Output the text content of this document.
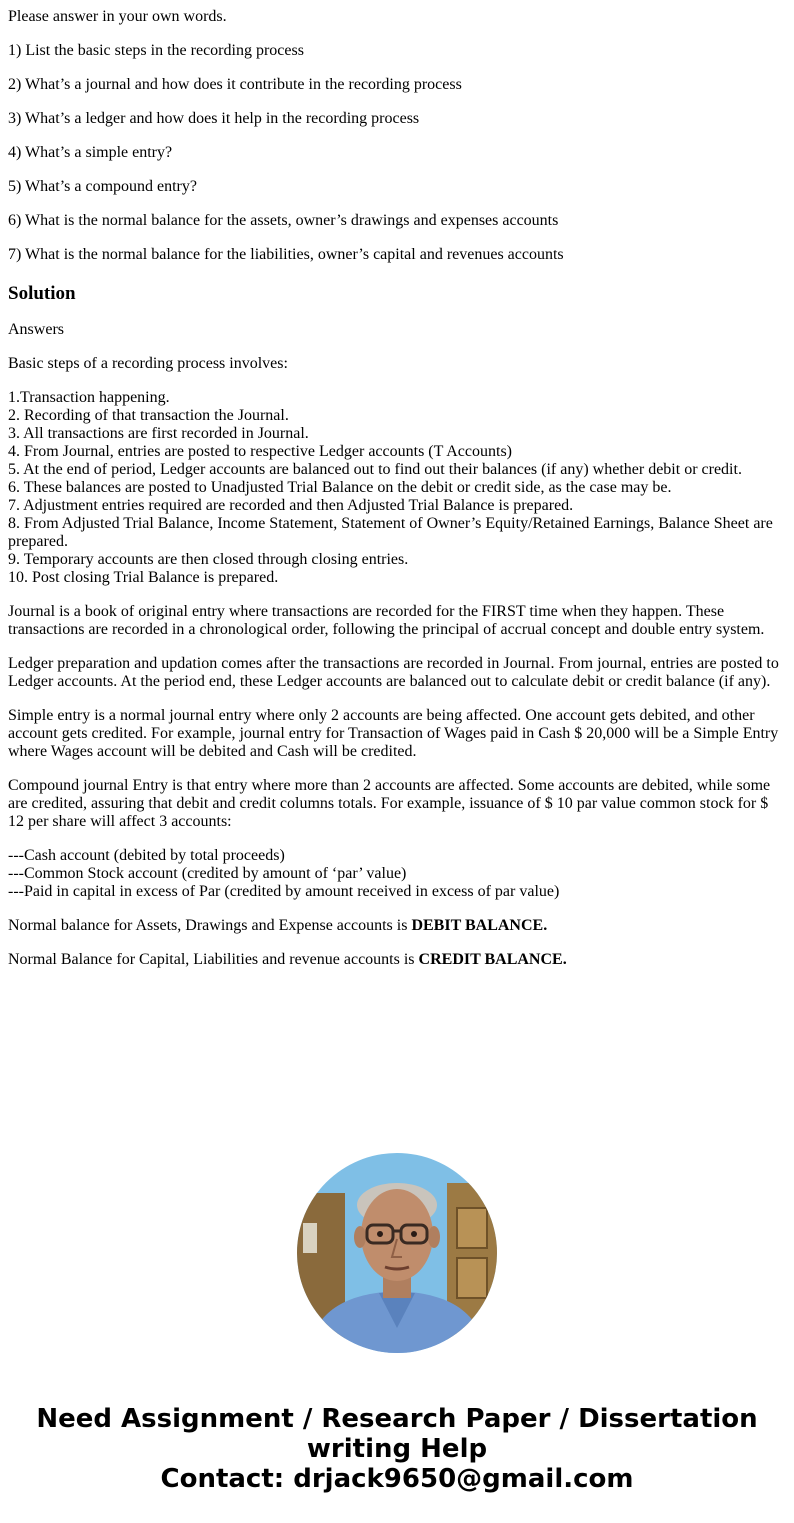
Please answer in your own words.

1) List the basic steps in the recording process

2) What’s a journal and how does it contribute in the recording process

3) What’s a ledger and how does it help in the recording process

4) What’s a simple entry?

5) What’s a compound entry?

6) What is the normal balance for the assets, owner’s drawings and expenses accounts

7) What is the normal balance for the liabilities, owner’s capital and revenues accounts

Solution

Answers

Basic steps of a recording process involves:

1.Transaction happening.
2. Recording of that transaction the Journal.
3. All transactions are first recorded in Journal.
4. From Journal, entries are posted to respective Ledger accounts (T Accounts)
5. At the end of period, Ledger accounts are balanced out to find out their balances (if any) whether debit or credit.
6. These balances are posted to Unadjusted Trial Balance on the debit or credit side, as the case may be.
7. Adjustment entries required are recorded and then Adjusted Trial Balance is prepared.
8. From Adjusted Trial Balance, Income Statement, Statement of Owner’s Equity/Retained Earnings, Balance Sheet are prepared.
9. Temporary accounts are then closed through closing entries.
10. Post closing Trial Balance is prepared.

Journal is a book of original entry where transactions are recorded for the FIRST time when they happen. These transactions are recorded in a chronological order, following the principal of accrual concept and double entry system.

Ledger preparation and updation comes after the transactions are recorded in Journal. From journal, entries are posted to Ledger accounts. At the period end, these Ledger accounts are balanced out to calculate debit or credit balance (if any).

Simple entry is a normal journal entry where only 2 accounts are being affected. One account gets debited, and other account gets credited. For example, journal entry for Transaction of Wages paid in Cash $ 20,000 will be a Simple Entry where Wages account will be debited and Cash will be credited.

Compound journal Entry is that entry where more than 2 accounts are affected. Some accounts are debited, while some are credited, assuring that debit and credit columns totals. For example, issuance of $ 10 par value common stock for $ 12 per share will affect 3 accounts:

---Cash account (debited by total proceeds)
---Common Stock account (credited by amount of ‘par’ value)
---Paid in capital in excess of Par (credited by amount received in excess of par value)

Normal balance for Assets, Drawings and Expense accounts is DEBIT BALANCE.

Normal Balance for Capital, Liabilities and revenue accounts is CREDIT BALANCE.

Need Assignment / Research Paper / Dissertation
writing Help
Contact: drjack9650@gmail.com
